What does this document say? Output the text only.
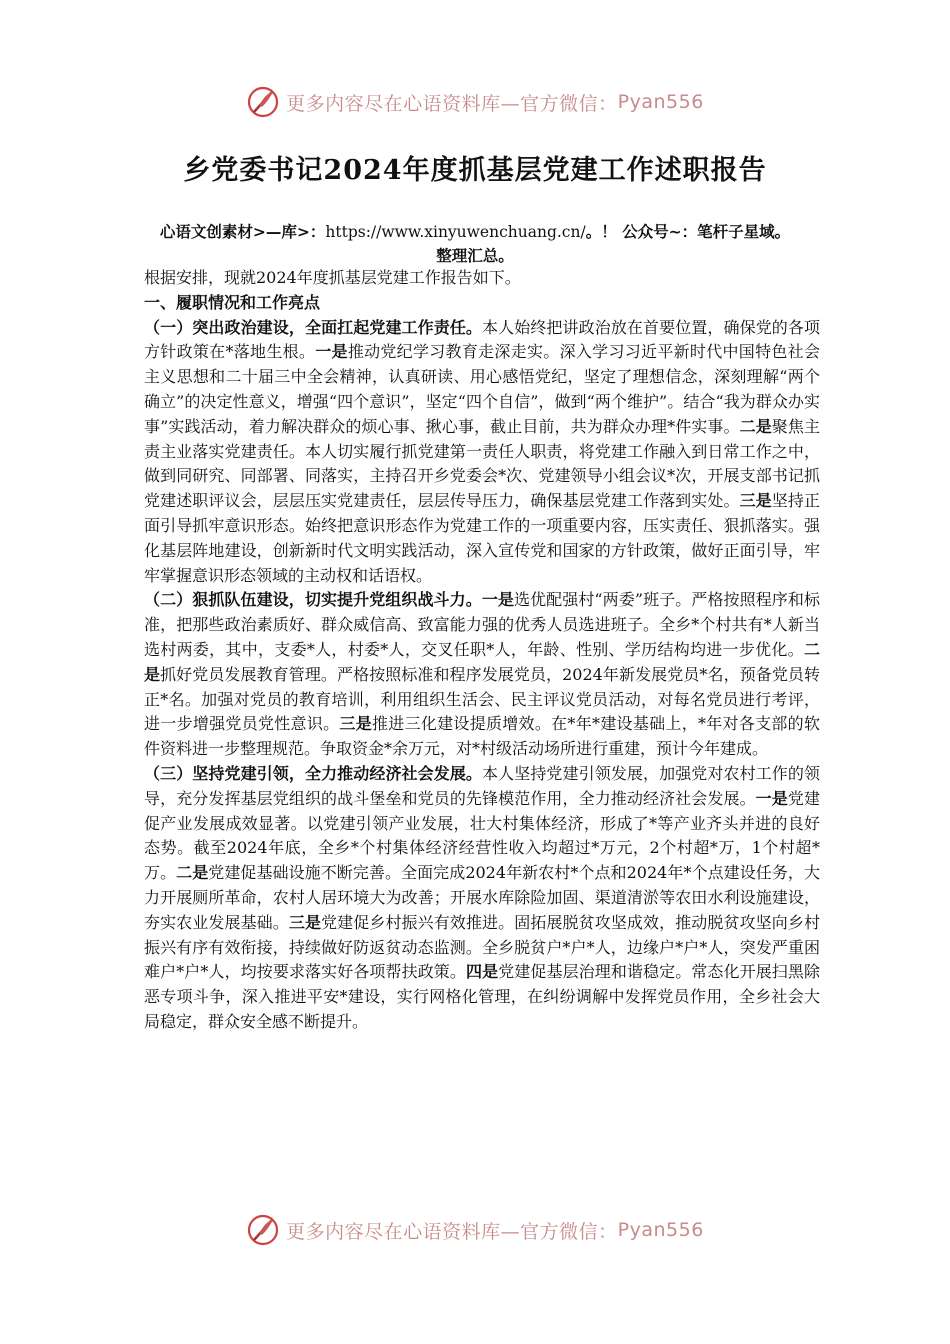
更多内容尽在心语资料库—官方微信： Pyan556
乡党委书记2024年度抓基层党建工作述职报告
心语文创素材>—库>：https://www.xinyuwenchuang.cn/。！ 公众号~：笔杆子星域。
整理汇总。

根据安排，现就2024年度抓基层党建工作报告如下。

一、履职情况和工作亮点

（一）突出政治建设，全面扛起党建工作责任。本人始终把讲政治放在首要位置，确保党的各项方针政策在*落地生根。一是推动党纪学习教育走深走实。深入学习习近平新时代中国特色社会主义思想和二十届三中全会精神，认真研读、用心感悟党纪，坚定了理想信念，深刻理解“两个确立”的决定性意义，增强“四个意识”，坚定“四个自信”，做到“两个维护”。结合“我为群众办实事”实践活动，着力解决群众的烦心事、揪心事，截止目前，共为群众办理*件实事。二是聚焦主责主业落实党建责任。本人切实履行抓党建第一责任人职责，将党建工作融入到日常工作之中，做到同研究、同部署、同落实，主持召开乡党委会*次、党建领导小组会议*次，开展支部书记抓党建述职评议会，层层压实党建责任，层层传导压力，确保基层党建工作落到实处。三是坚持正面引导抓牢意识形态。始终把意识形态作为党建工作的一项重要内容，压实责任、狠抓落实。强化基层阵地建设，创新新时代文明实践活动，深入宣传党和国家的方针政策，做好正面引导，牢牢掌握意识形态领域的主动权和话语权。

（二）狠抓队伍建设，切实提升党组织战斗力。一是选优配强村“两委”班子。严格按照程序和标准，把那些政治素质好、群众威信高、致富能力强的优秀人员选进班子。全乡*个村共有*人新当选村两委，其中，支委*人，村委*人，交叉任职*人，年龄、性别、学历结构均进一步优化。二是抓好党员发展教育管理。严格按照标准和程序发展党员，2024年新发展党员*名，预备党员转正*名。加强对党员的教育培训，利用组织生活会、民主评议党员活动，对每名党员进行考评，进一步增强党员党性意识。三是推进三化建设提质增效。在*年*建设基础上，*年对各支部的软件资料进一步整理规范。争取资金*余万元，对*村级活动场所进行重建，预计今年建成。

（三）坚持党建引领，全力推动经济社会发展。本人坚持党建引领发展，加强党对农村工作的领导，充分发挥基层党组织的战斗堡垒和党员的先锋模范作用，全力推动经济社会发展。一是党建促产业发展成效显著。以党建引领产业发展，壮大村集体经济，形成了*等产业齐头并进的良好态势。截至2024年底，全乡*个村集体经济经营性收入均超过*万元，2个村超*万，1个村超*万。二是党建促基础设施不断完善。全面完成2024年新农村*个点和2024年*个点建设任务，大力开展厕所革命，农村人居环境大为改善；开展水库除险加固、渠道清淤等农田水利设施建设，夯实农业发展基础。三是党建促乡村振兴有效推进。固拓展脱贫攻坚成效，推动脱贫攻坚向乡村振兴有序有效衔接，持续做好防返贫动态监测。全乡脱贫户*户*人，边缘户*户*人，突发严重困难户*户*人，均按要求落实好各项帮扶政策。四是党建促基层治理和谐稳定。常态化开展扫黑除恶专项斗争，深入推进平安*建设，实行网格化管理，在纠纷调解中发挥党员作用，全乡社会大局稳定，群众安全感不断提升。

更多内容尽在心语资料库—官方微信： Pyan556
